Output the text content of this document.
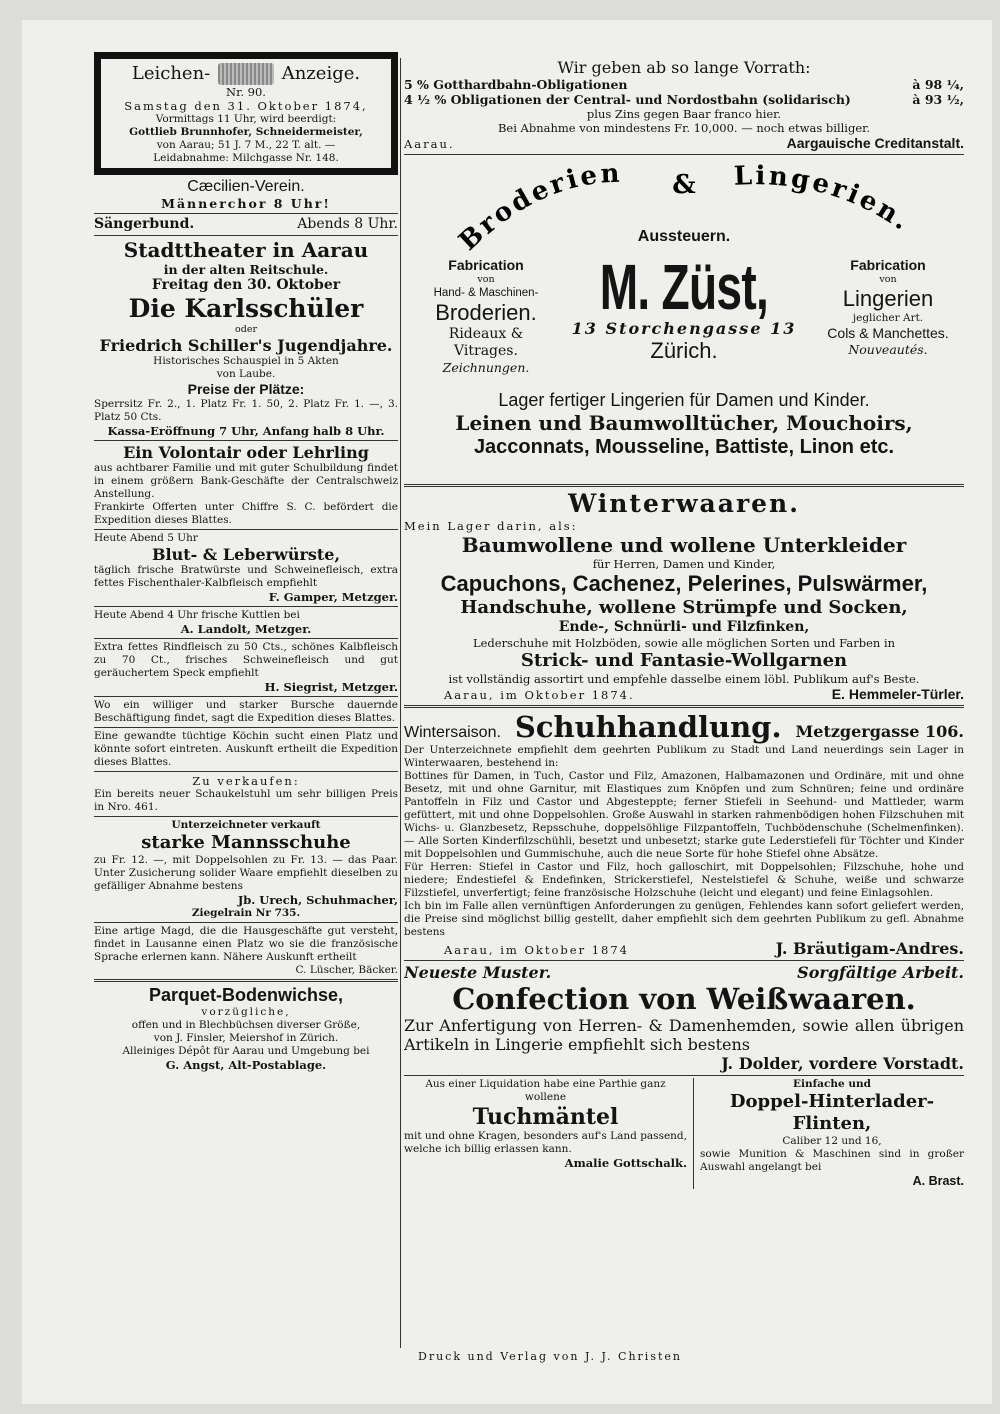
Leichen-	Anzeige.
Nr. 90.
Samstag den 31. Oktober 1874,
Vormittags 11 Uhr, wird beerdigt:
Gottlieb Brunnhofer, Schneidermeister,
von Aarau; 51 J. 7 M., 22 T. alt. —
Leidabnahme: Milchgasse Nr. 148.
Cæcilien-Verein.
Männerchor 8 Uhr!
Sängerbund.	Abends 8 Uhr.
Stadttheater in Aarau
in der alten Reitschule.
Freitag den 30. Oktober
Die Karlsschüler
oder
Friedrich Schiller's Jugendjahre.
Historisches Schauspiel in 5 Akten
von Laube.
Preise der Plätze:
Sperrsitz Fr. 2., 1. Platz Fr. 1. 50, 2. Platz Fr. 1. —, 3. Platz 50 Cts.
Kassa-Eröffnung 7 Uhr, Anfang halb 8 Uhr.
Ein Volontair oder Lehrling
aus achtbarer Familie und mit guter Schulbildung findet in einem größern Bank-Geschäfte der Centralschweiz Anstellung.
Frankirte Offerten unter Chiffre S. C. befördert die Expedition dieses Blattes.
Heute Abend 5 Uhr
Blut- & Leberwürste,
täglich frische Bratwürste und Schweinefleisch, extra fettes Fischenthaler-Kalbfleisch empfiehlt
F. Gamper, Metzger.
Heute Abend 4 Uhr frische Kuttlen bei
A. Landolt, Metzger.
Extra fettes Rindfleisch zu 50 Cts., schönes Kalbfleisch zu 70 Ct., frisches Schweinefleisch und gut geräuchertem Speck empfiehlt
H. Siegrist, Metzger.
Wo ein williger und starker Bursche dauernde Beschäftigung findet, sagt die Expedition dieses Blattes.
Eine gewandte tüchtige Köchin sucht einen Platz und könnte sofort eintreten. Auskunft ertheilt die Expedition dieses Blattes.
Zu verkaufen:
Ein bereits neuer Schaukelstuhl um sehr billigen Preis in Nro. 461.
Unterzeichneter verkauft
starke Mannsschuhe
zu Fr. 12. —, mit Doppelsohlen zu Fr. 13. — das Paar. Unter Zusicherung solider Waare empfiehlt dieselben zu gefälliger Abnahme bestens
Jb. Urech, Schuhmacher,
Ziegelrain Nr 735.
Eine artige Magd, die die Hausgeschäfte gut versteht, findet in Lausanne einen Platz wo sie die französische Sprache erlernen kann. Nähere Auskunft ertheilt
C. Lüscher, Bäcker.
Parquet-Bodenwichse,
vorzügliche,
offen und in Blechbüchsen diverser Größe,
von J. Finsler, Meiershof in Zürich.
Alleiniges Dépôt für Aarau und Umgebung bei
G. Angst, Alt-Postablage.
Wir geben ab so lange Vorrath:
5 % Gotthardbahn-Obligationen	à 98 ¼,
4 ½ % Obligationen der Central- und Nordostbahn (solidarisch)	à 93 ½,
plus Zins gegen Baar franco hier.
Bei Abnahme von mindestens Fr. 10,000. — noch etwas billiger.
Aarau.	Aargauische Creditanstalt.
Broderien & Lingerien.
Aussteuern.
Fabrication
von
Hand- & Maschinen-
Broderien.
Rideaux & Vitrages.
Zeichnungen.
M. Züst,
13 Storchengasse 13
Zürich.
Fabrication
von
Lingerien
jeglicher Art.
Cols & Manchettes.
Nouveautés.
Lager fertiger Lingerien für Damen und Kinder.
Leinen und Baumwolltücher, Mouchoirs,
Jacconnats, Mousseline, Battiste, Linon etc.
Winterwaaren.
Mein Lager darin, als:
Baumwollene und wollene Unterkleider
für Herren, Damen und Kinder,
Capuchons, Cachenez, Pelerines, Pulswärmer,
Handschuhe, wollene Strümpfe und Socken,
Ende-, Schnürli- und Filzfinken,
Lederschuhe mit Holzböden, sowie alle möglichen Sorten und Farben in
Strick- und Fantasie-Wollgarnen
ist vollständig assortirt und empfehle dasselbe einem löbl. Publikum auf's Beste.
Aarau, im Oktober 1874.	E. Hemmeler-Türler.
Wintersaison. Schuhhandlung. Metzgergasse 106.
Der Unterzeichnete empfiehlt dem geehrten Publikum zu Stadt und Land neuerdings sein Lager in Winterwaaren, bestehend in:
Bottines für Damen, in Tuch, Castor und Filz, Amazonen, Halbamazonen und Ordinäre, mit und ohne Besetz, mit und ohne Garnitur, mit Elastiques zum Knöpfen und zum Schnüren; feine und ordinäre Pantoffeln in Filz und Castor und Abgesteppte; ferner Stiefeli in Seehund- und Mattleder, warm gefüttert, mit und ohne Doppelsohlen. Große Auswahl in starken rahmenbödigen hohen Filzschuhen mit Wichs- u. Glanzbesetz, Repsschuhe, doppelsöhlige Filzpantoffeln, Tuchbödenschuhe (Schelmenfinken). — Alle Sorten Kinderfilzschühli, besetzt und unbesetzt; starke gute Lederstiefeli für Töchter und Kinder mit Doppelsohlen und Gummischuhe, auch die neue Sorte für hohe Stiefel ohne Absätze.
Für Herren: Stiefel in Castor und Filz, hoch galloschirt, mit Doppelsohlen; Filzschuhe, hohe und niedere; Endestiefel & Endefinken, Strickerstiefel, Nestelstiefel & Schuhe, weiße und schwarze Filzstiefel, unverfertigt; feine französische Holzschuhe (leicht und elegant) und feine Einlagsohlen.
Ich bin im Falle allen vernünftigen Anforderungen zu genügen, Fehlendes kann sofort geliefert werden, die Preise sind möglichst billig gestellt, daher empfiehlt sich dem geehrten Publikum zu gefl. Abnahme bestens
Aarau, im Oktober 1874	J. Bräutigam-Andres.
Neueste Muster.	Sorgfältige Arbeit.
Confection von Weißwaaren.
Zur Anfertigung von Herren- & Damenhemden, sowie allen übrigen Artikeln in Lingerie empfiehlt sich bestens
J. Dolder, vordere Vorstadt.
Aus einer Liquidation habe eine Parthie ganz wollene
Tuchmäntel
mit und ohne Kragen, besonders auf's Land passend, welche ich billig erlassen kann.
Amalie Gottschalk.
Einfache und
Doppel-Hinterlader-Flinten,
Caliber 12 und 16,
sowie Munition & Maschinen sind in großer Auswahl angelangt bei
A. Brast.
Druck und Verlag von J. J. Christen
